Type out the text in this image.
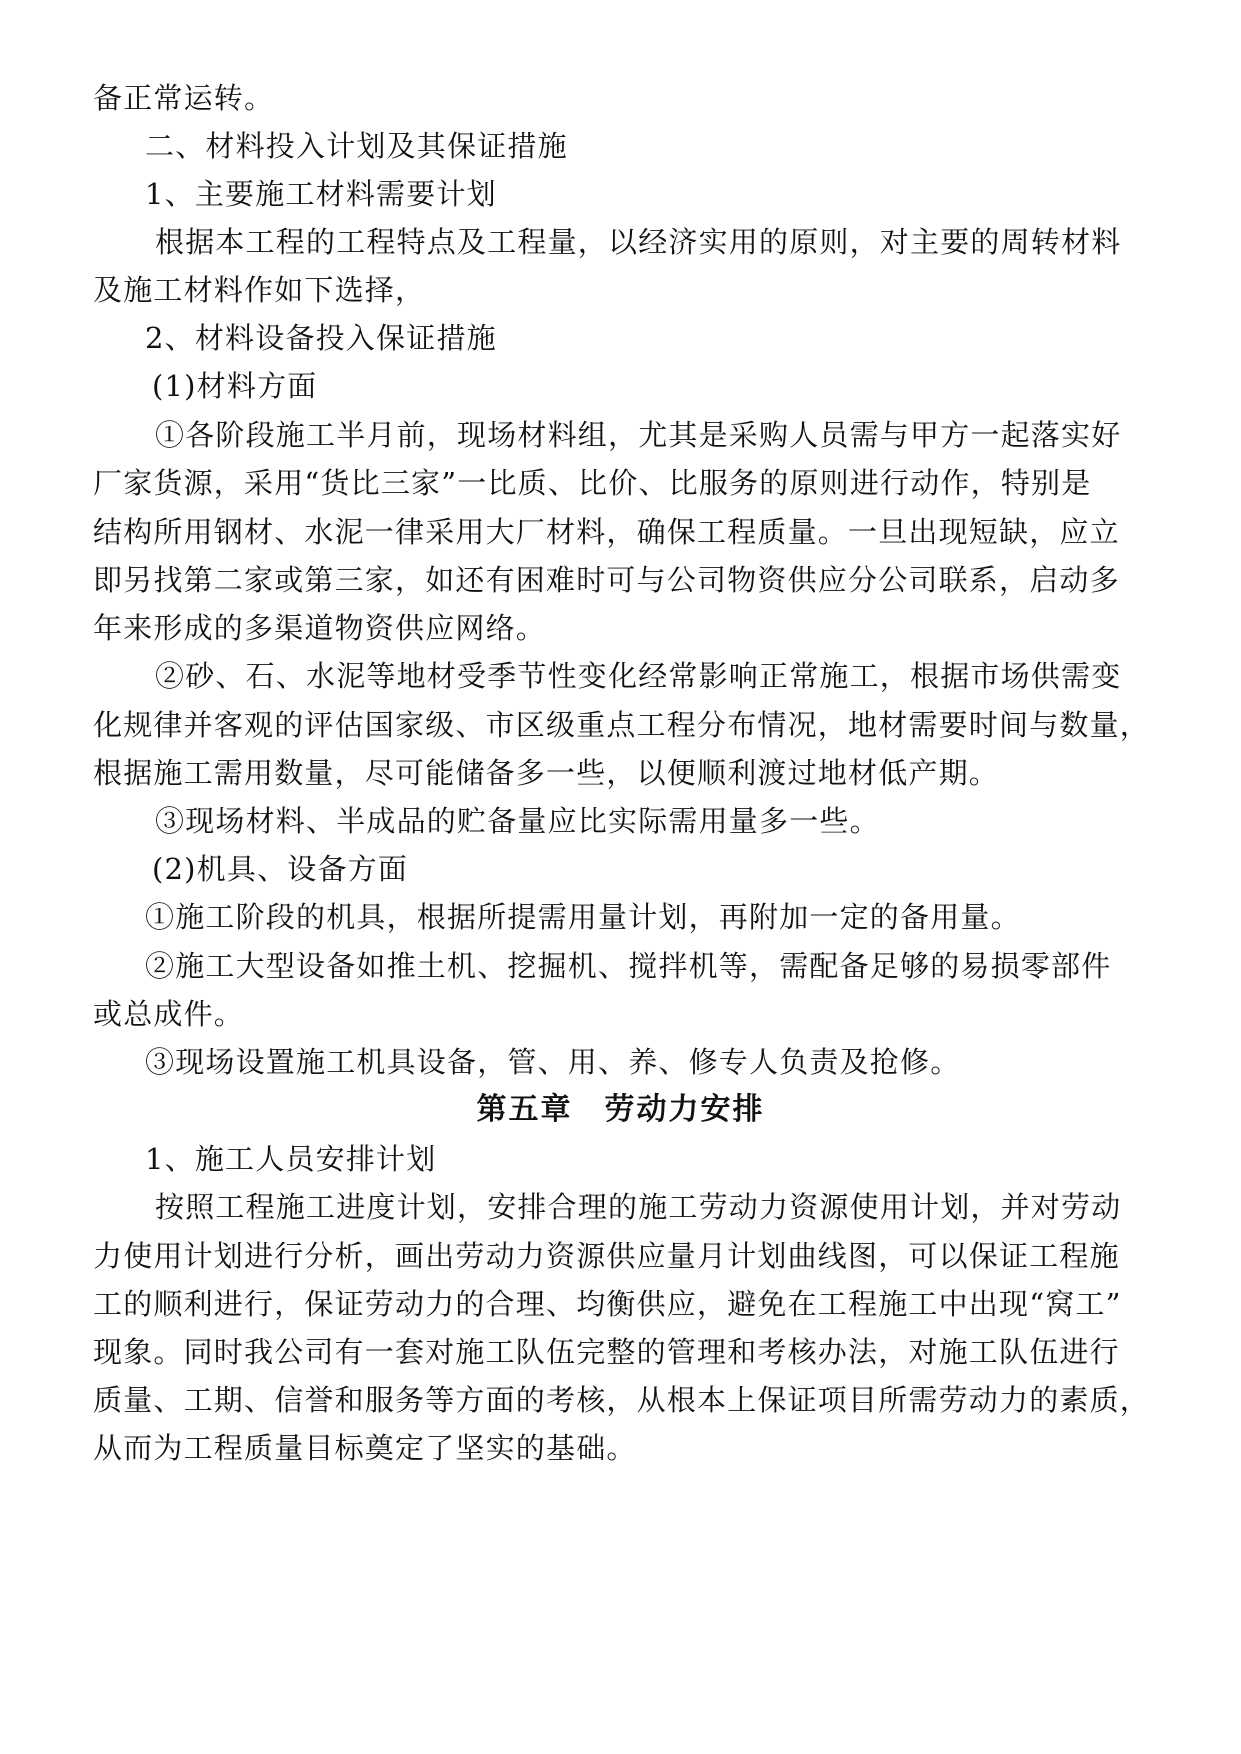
备正常运转。
二、材料投入计划及其保证措施
1、主要施工材料需要计划
根据本工程的工程特点及工程量，以经济实用的原则，对主要的周转材料
及施工材料作如下选择，
2、材料设备投入保证措施
(1)材料方面
①各阶段施工半月前，现场材料组，尤其是采购人员需与甲方一起落实好
厂家货源，采用“货比三家”一比质、比价、比服务的原则进行动作，特别是
结构所用钢材、水泥一律采用大厂材料，确保工程质量。一旦出现短缺，应立
即另找第二家或第三家，如还有困难时可与公司物资供应分公司联系，启动多
年来形成的多渠道物资供应网络。
②砂、石、水泥等地材受季节性变化经常影响正常施工，根据市场供需变
化规律并客观的评估国家级、市区级重点工程分布情况，地材需要时间与数量，
根据施工需用数量，尽可能储备多一些，以便顺利渡过地材低产期。
③现场材料、半成品的贮备量应比实际需用量多一些。
(2)机具、设备方面
①施工阶段的机具，根据所提需用量计划，再附加一定的备用量。
②施工大型设备如推土机、挖掘机、搅拌机等，需配备足够的易损零部件
或总成件。
③现场设置施工机具设备，管、用、养、修专人负责及抢修。
第五章　劳动力安排
1、施工人员安排计划
按照工程施工进度计划，安排合理的施工劳动力资源使用计划，并对劳动
力使用计划进行分析，画出劳动力资源供应量月计划曲线图，可以保证工程施
工的顺利进行，保证劳动力的合理、均衡供应，避免在工程施工中出现“窝工”
现象。同时我公司有一套对施工队伍完整的管理和考核办法，对施工队伍进行
质量、工期、信誉和服务等方面的考核，从根本上保证项目所需劳动力的素质，
从而为工程质量目标奠定了坚实的基础。
